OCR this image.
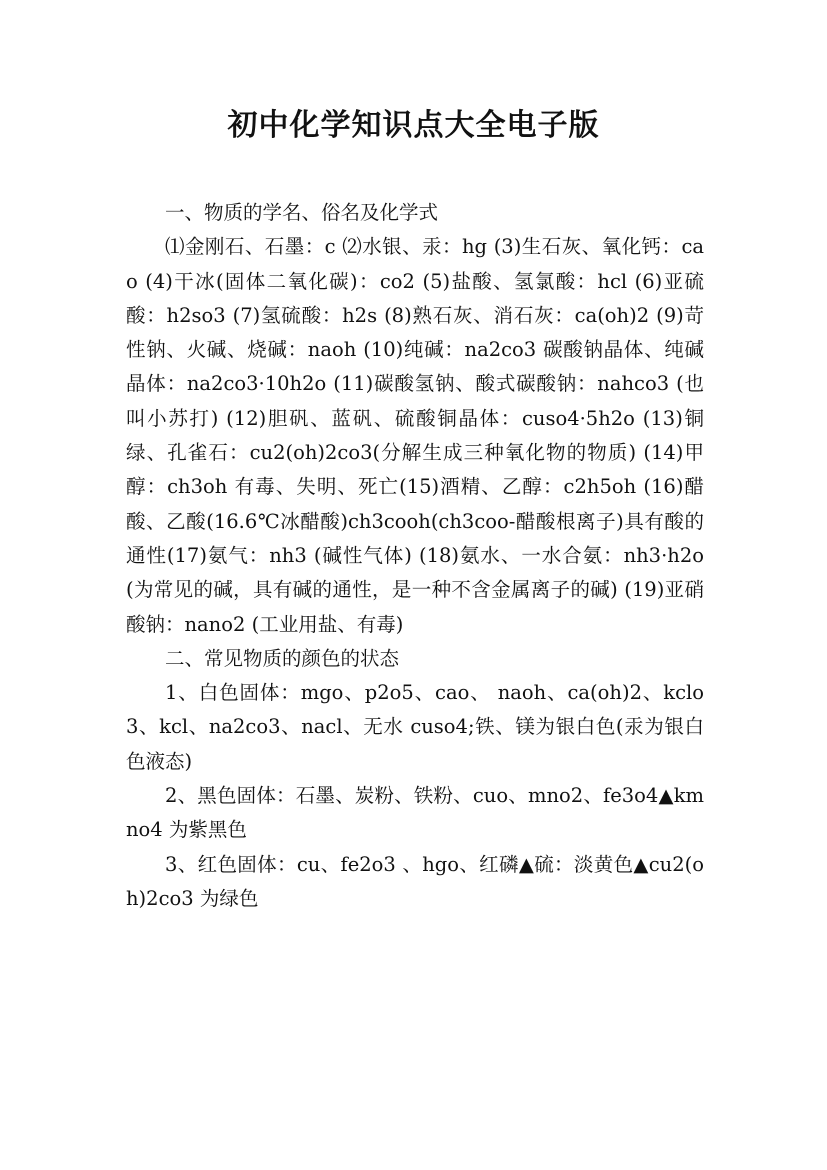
初中化学知识点大全电子版

一、物质的学名、俗名及化学式

⑴金刚石、石墨：c ⑵水银、汞：hg (3)生石灰、氧化钙：cao (4)干冰(固体二氧化碳)：co2 (5)盐酸、氢氯酸：hcl (6)亚硫酸：h2so3 (7)氢硫酸：h2s (8)熟石灰、消石灰：ca(oh)2 (9)苛性钠、火碱、烧碱：naoh (10)纯碱：na2co3 碳酸钠晶体、纯碱晶体：na2co3·10h2o (11)碳酸氢钠、酸式碳酸钠：nahco3 (也叫小苏打) (12)胆矾、蓝矾、硫酸铜晶体：cuso4·5h2o (13)铜绿、孔雀石：cu2(oh)2co3(分解生成三种氧化物的物质) (14)甲醇：ch3oh 有毒、失明、死亡(15)酒精、乙醇：c2h5oh (16)醋酸、乙酸(16.6℃冰醋酸)ch3cooh(ch3coo-醋酸根离子)具有酸的通性(17)氨气：nh3 (碱性气体) (18)氨水、一水合氨：nh3·h2o(为常见的碱，具有碱的通性，是一种不含金属离子的碱) (19)亚硝酸钠：nano2 (工业用盐、有毒)

二、常见物质的颜色的状态

1、白色固体：mgo、p2o5、cao、 naoh、ca(oh)2、kclo3、kcl、na2co3、nacl、无水 cuso4;铁、镁为银白色(汞为银白色液态)

2、黑色固体：石墨、炭粉、铁粉、cuo、mno2、fe3o4▲kmno4 为紫黑色

3、红色固体：cu、fe2o3 、hgo、红磷▲硫：淡黄色▲cu2(oh)2co3 为绿色
